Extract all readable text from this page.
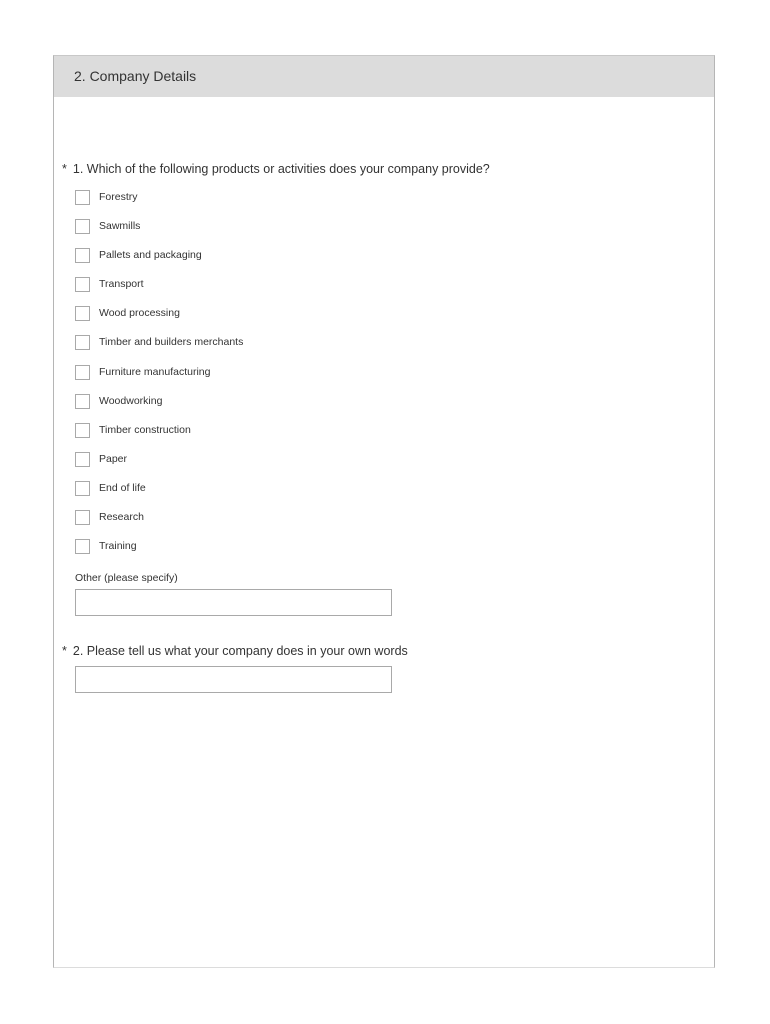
2. Company Details
* 1. Which of the following products or activities does your company provide?
Forestry
Sawmills
Pallets and packaging
Transport
Wood processing
Timber and builders merchants
Furniture manufacturing
Woodworking
Timber construction
Paper
End of life
Research
Training
Other (please specify)
* 2. Please tell us what your company does in your own words
